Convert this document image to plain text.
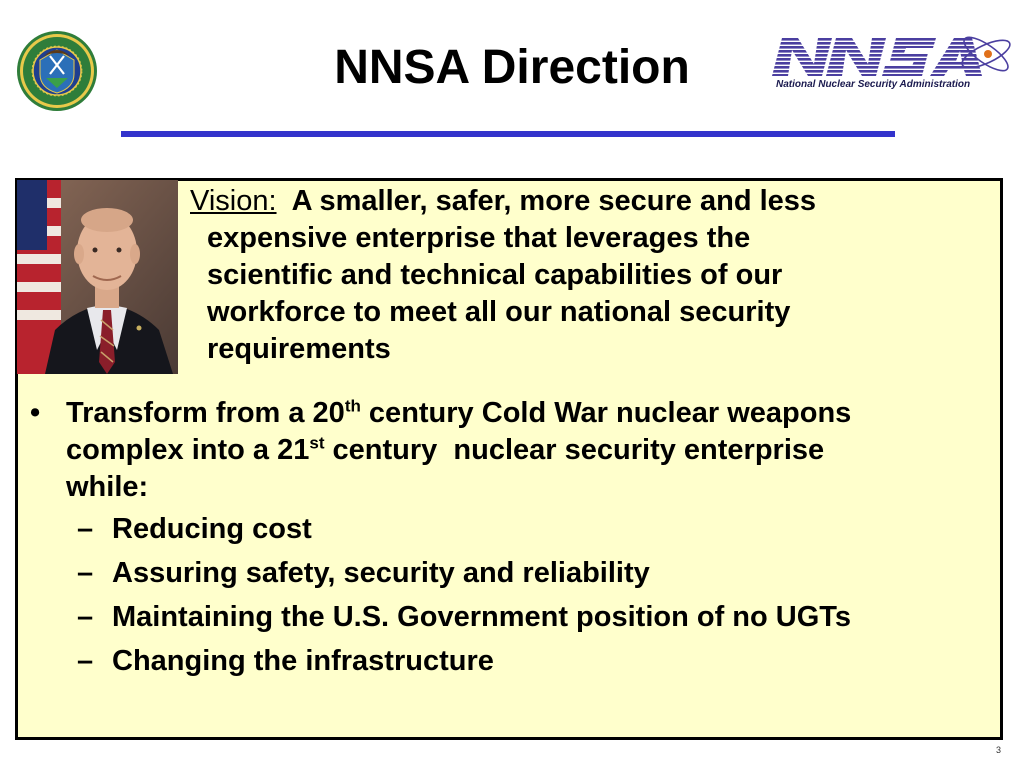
National Nuclear Security Administration
NNSA Direction
Vision: A smaller, safer, more secure and less
expensive enterprise that leverages the
scientific and technical capabilities of our
workforce to meet all our national security
requirements
• Transform from a 20th century Cold War nuclear weapons
complex into a 21st century  nuclear security enterprise
while:
– Reducing cost
– Assuring safety, security and reliability
– Maintaining the U.S. Government position of no UGTs
– Changing the infrastructure
3
